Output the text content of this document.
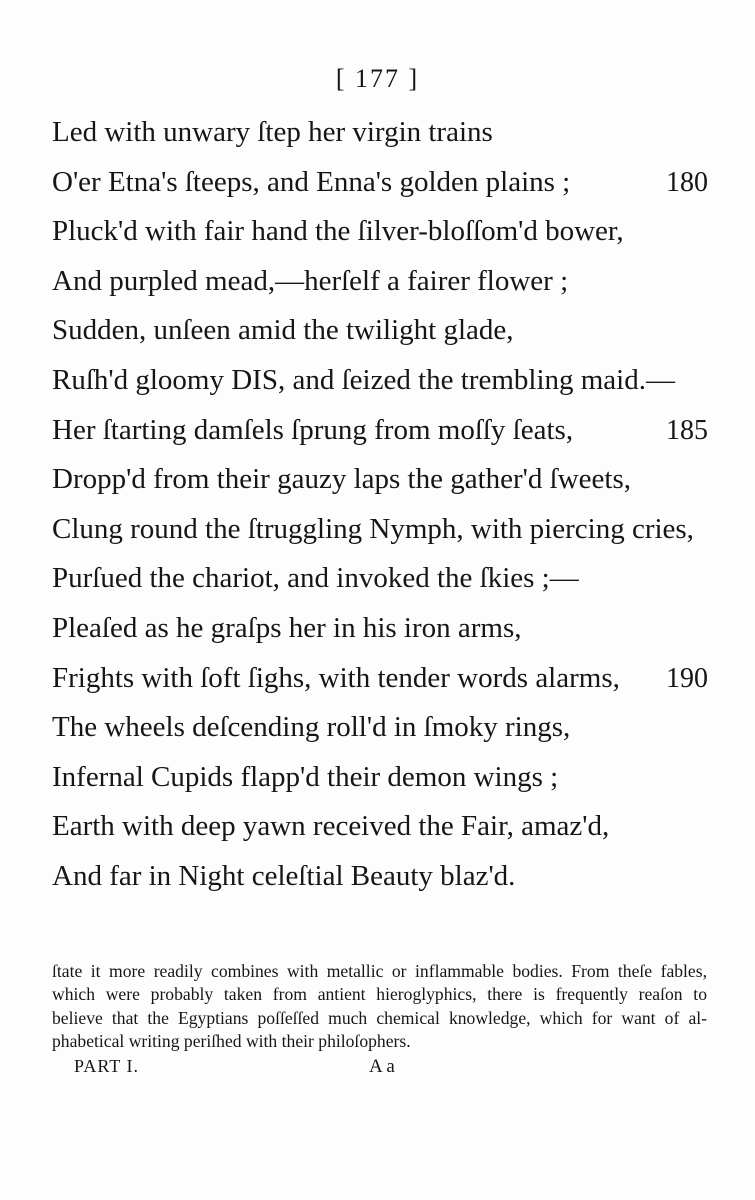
[ 177 ]
Led with unwary ſtep her virgin trains
O'er Etna's ſteeps, and Enna's golden plains ;	180
Pluck'd with fair hand the ſilver-bloſſom'd bower,
And purpled mead,—herſelf a fairer flower ;
Sudden, unſeen amid the twilight glade,
Ruſh'd gloomy DIS, and ſeized the trembling maid.—
Her ſtarting damſels ſprung from moſſy ſeats,	185
Dropp'd from their gauzy laps the gather'd ſweets,
Clung round the ſtruggling Nymph, with piercing cries,
Purſued the chariot, and invoked the ſkies ;—
Pleaſed as he graſps her in his iron arms,
Frights with ſoft ſighs, with tender words alarms, 190
The wheels deſcending roll'd in ſmoky rings,
Infernal Cupids flapp'd their demon wings ;
Earth with deep yawn received the Fair, amaz'd,
And far in Night celeſtial Beauty blaz'd.
ſtate it more readily combines with metallic or inflammable bodies. From theſe fables,
which were probably taken from antient hieroglyphics, there is frequently reaſon to
believe that the Egyptians poſſeſſed much chemical knowledge, which for want of al-
phabetical writing periſhed with their philoſophers.
PART I.	A a
